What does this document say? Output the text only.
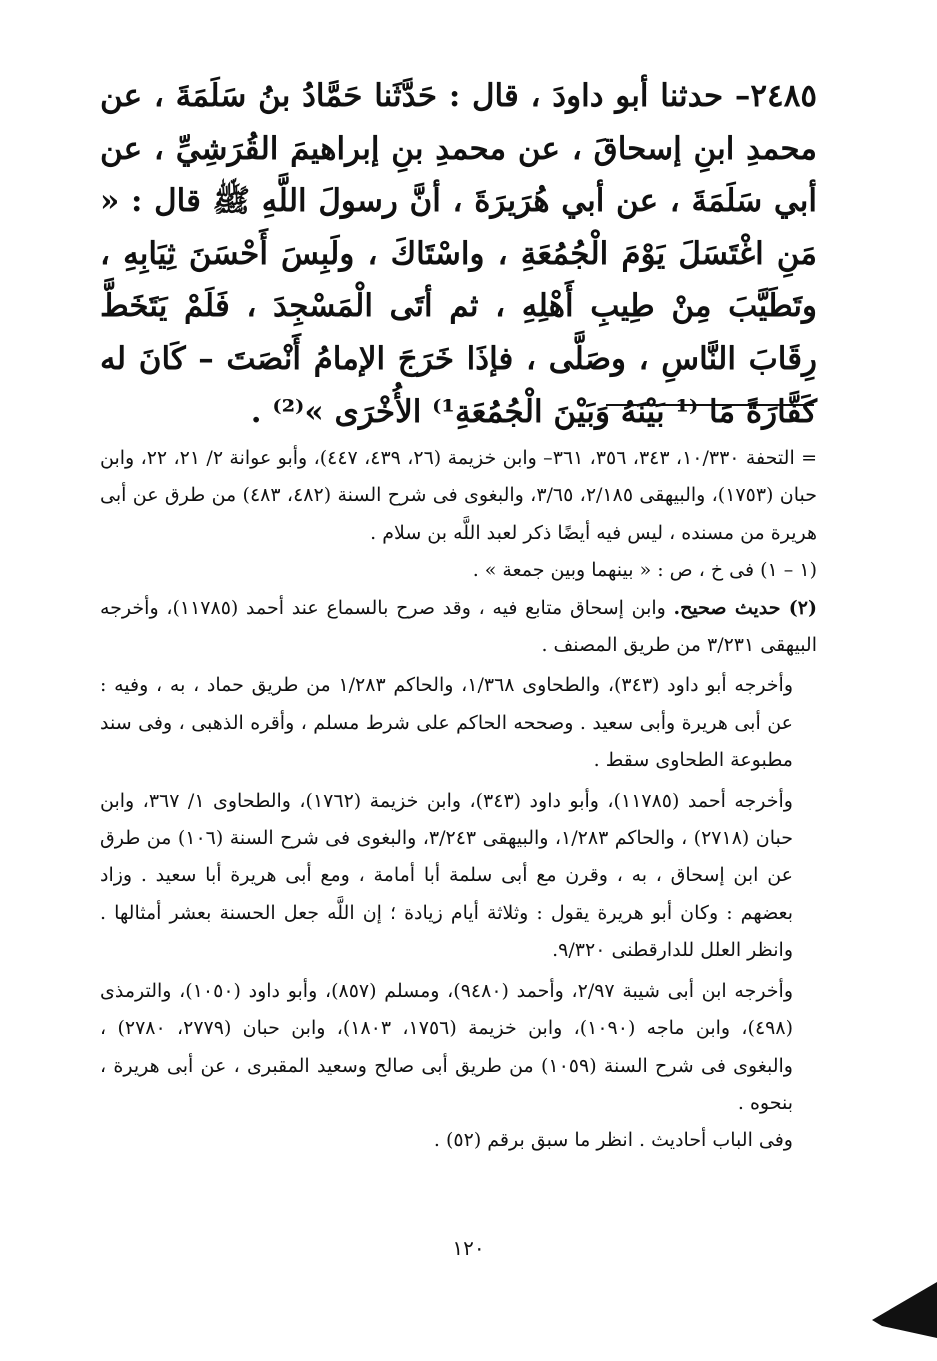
٢٤٨٥– حدثنا أبو داودَ ، قال : حَدَّثَنا حَمَّادُ بنُ سَلَمَةَ ، عن محمدِ ابنِ إسحاقَ ، عن محمدِ بنِ إبراهيمَ القُرَشِيِّ ، عن أبي سَلَمَةَ ، عن أبي هُرَيرَةَ ، أنَّ رسولَ اللَّهِ ﷺ قال : « مَنِ اغْتَسَلَ يَوْمَ الْجُمُعَةِ ، واسْتَاكَ ، ولَبِسَ أَحْسَنَ ثِيَابِهِ ، وتَطَيَّبَ مِنْ طِيبِ أَهْلِهِ ، ثم أتَى الْمَسْجِدَ ، فَلَمْ يَتَخَطَّ رِقَابَ النَّاسِ ، وصَلَّى ، فإذَا خَرَجَ الإمامُ أَنْصَتَ – كَانَ له كَفَّارَةً مَا ⁽¹ بَيْنَهُ وَبَيْنَ الْجُمُعَةِ¹⁾ الأُخْرَى »⁽²⁾ .

= التحفة ١٠/٣٣٠، ٣٤٣، ٣٥٦، ٣٦١– وابن خزيمة (٢٦، ٤٣٩، ٤٤٧)، وأبو عوانة ٢/ ٢١، ٢٢، وابن حبان (١٧٥٣)، والبيهقى ٢/١٨٥، ٣/٦٥، والبغوى فى شرح السنة (٤٨٢، ٤٨٣) من طرق عن أبى هريرة من مسنده ، ليس فيه أيضًا ذكر لعبد اللَّه بن سلام .

(١ – ١) فى خ ، ص : « بينهما وبين جمعة » .

(٢) حديث صحيح. وابن إسحاق متابع فيه ، وقد صرح بالسماع عند أحمد (١١٧٨٥)، وأخرجه البيهقى ٣/٢٣١ من طريق المصنف .

وأخرجه أبو داود (٣٤٣)، والطحاوى ١/٣٦٨، والحاكم ١/٢٨٣ من طريق حماد ، به ، وفيه : عن أبى هريرة وأبى سعيد . وصححه الحاكم على شرط مسلم ، وأقره الذهبى ، وفى سند مطبوعة الطحاوى سقط .

وأخرجه أحمد (١١٧٨٥)، وأبو داود (٣٤٣)، وابن خزيمة (١٧٦٢)، والطحاوى ١/ ٣٦٧، وابن حبان (٢٧١٨) ، والحاكم ١/٢٨٣، والبيهقى ٣/٢٤٣، والبغوى فى شرح السنة (١٠٦) من طرق عن ابن إسحاق ، به ، وقرن مع أبى سلمة أبا أمامة ، ومع أبى هريرة أبا سعيد . وزاد بعضهم : وكان أبو هريرة يقول : وثلاثة أيام زيادة ؛ إن اللَّه جعل الحسنة بعشر أمثالها . وانظر العلل للدارقطنى ٩/٣٢٠.

وأخرجه ابن أبى شيبة ٢/٩٧، وأحمد (٩٤٨٠)، ومسلم (٨٥٧)، وأبو داود (١٠٥٠)، والترمذى (٤٩٨)، وابن ماجه (١٠٩٠)، وابن خزيمة (١٧٥٦، ١٨٠٣)، وابن حبان (٢٧٧٩، ٢٧٨٠) ، والبغوى فى شرح السنة (١٠٥٩) من طريق أبى صالح وسعيد المقبرى ، عن أبى هريرة ، بنحوه .

وفى الباب أحاديث . انظر ما سبق برقم (٥٢) .

١٢٠
